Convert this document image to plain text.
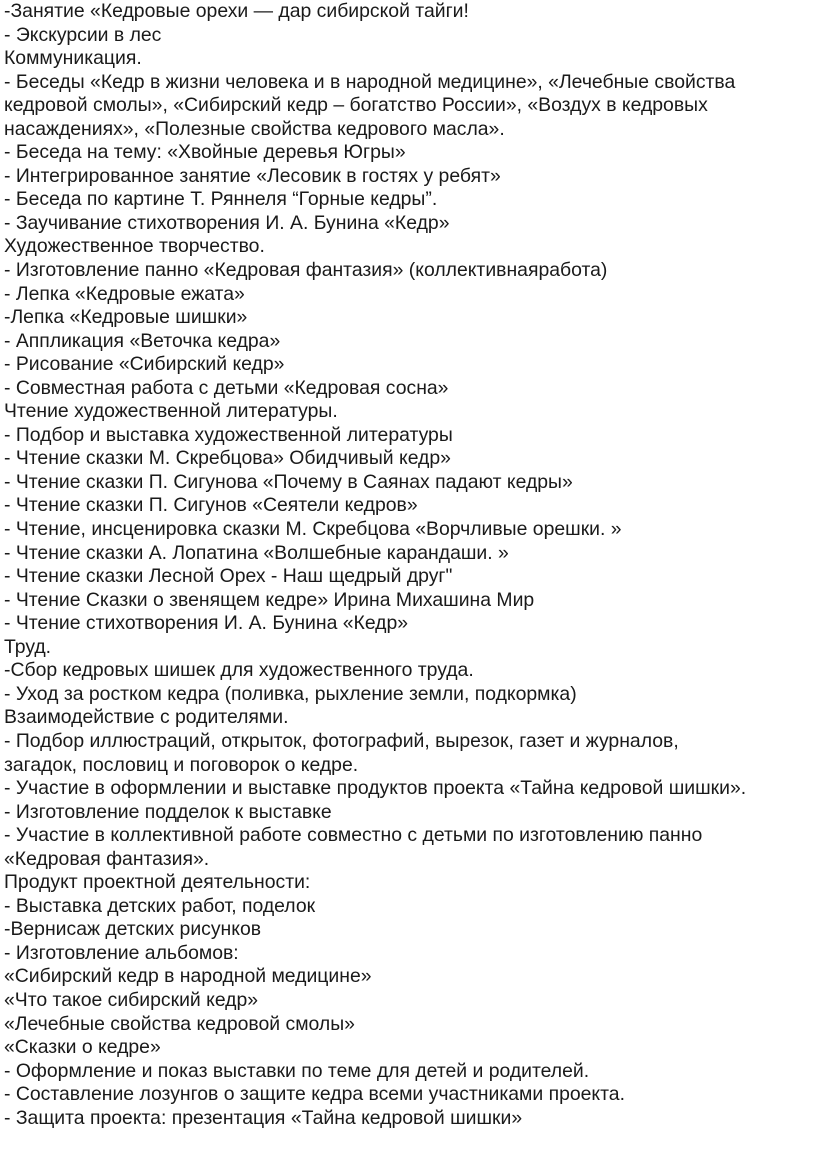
-Занятие «Кедровые орехи — дар сибирской тайги!
- Экскурсии в лес
Коммуникация.
- Беседы «Кедр в жизни человека и в народной медицине», «Лечебные свойства
кедровой смолы», «Сибирский кедр – богатство России», «Воздух в кедровых
насаждениях», «Полезные свойства кедрового масла».
- Беседа на тему: «Хвойные деревья Югры»
- Интегрированное занятие «Лесовик в гостях у ребят»
- Беседа по картине Т. Ряннеля “Горные кедры”.
- Заучивание стихотворения И. А. Бунина «Кедр»
Художественное творчество.
- Изготовление панно «Кедровая фантазия» (коллективнаяработа)
- Лепка «Кедровые ежата»
-Лепка «Кедровые шишки»
- Аппликация «Веточка кедра»
- Рисование «Сибирский кедр»
- Совместная работа с детьми «Кедровая сосна»
Чтение художественной литературы.
- Подбор и выставка художественной литературы
- Чтение сказки М. Скребцова» Обидчивый кедр»
- Чтение сказки П. Сигунова «Почему в Саянах падают кедры»
- Чтение сказки П. Сигунов «Сеятели кедров»
- Чтение, инсценировка сказки М. Скребцова «Ворчливые орешки. »
- Чтение сказки А. Лопатина «Волшебные карандаши. »
- Чтение сказки Лесной Орех - Наш щедрый друг"
- Чтение Сказки о звенящем кедре» Ирина Михашина Мир
- Чтение стихотворения И. А. Бунина «Кедр»
Труд.
-Сбор кедровых шишек для художественного труда.
- Уход за ростком кедра (поливка, рыхление земли, подкормка)
Взаимодействие с родителями.
- Подбор иллюстраций, открыток, фотографий, вырезок, газет и журналов,
загадок, пословиц и поговорок о кедре.
- Участие в оформлении и выставке продуктов проекта «Тайна кедровой шишки».
- Изготовление подделок к выставке
- Участие в коллективной работе совместно с детьми по изготовлению панно
«Кедровая фантазия».
Продукт проектной деятельности:
- Выставка детских работ, поделок
-Вернисаж детских рисунков
- Изготовление альбомов:
«Сибирский кедр в народной медицине»
«Что такое сибирский кедр»
«Лечебные свойства кедровой смолы»
«Сказки о кедре»
- Оформление и показ выставки по теме для детей и родителей.
- Составление лозунгов о защите кедра всеми участниками проекта.
- Защита проекта: презентация «Тайна кедровой шишки»
